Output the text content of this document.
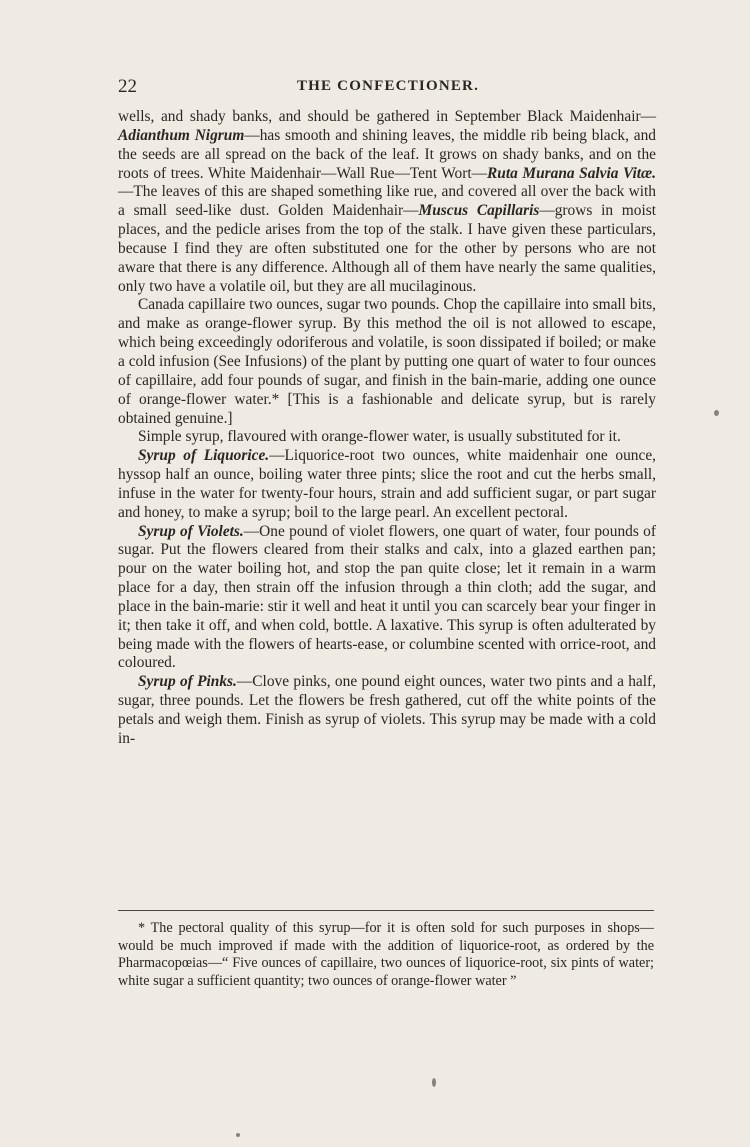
22	THE CONFECTIONER.

wells, and shady banks, and should be gathered in September Black Maidenhair—Adianthum Nigrum—has smooth and shining leaves, the middle rib being black, and the seeds are all spread on the back of the leaf. It grows on shady banks, and on the roots of trees. White Maidenhair—Wall Rue—Tent Wort—Ruta Murana Salvia Vitæ.—The leaves of this are shaped something like rue, and covered all over the back with a small seed-like dust. Golden Maidenhair—Muscus Capillaris—grows in moist places, and the pedicle arises from the top of the stalk. I have given these particulars, because I find they are often substituted one for the other by persons who are not aware that there is any difference. Although all of them have nearly the same qualities, only two have a volatile oil, but they are all mucilaginous.

Canada capillaire two ounces, sugar two pounds. Chop the capillaire into small bits, and make as orange-flower syrup. By this method the oil is not allowed to escape, which being exceedingly odoriferous and volatile, is soon dissipated if boiled; or make a cold infusion (See Infusions) of the plant by putting one quart of water to four ounces of capillaire, add four pounds of sugar, and finish in the bain-marie, adding one ounce of orange-flower water.* [This is a fashionable and delicate syrup, but is rarely obtained genuine.]

Simple syrup, flavoured with orange-flower water, is usually substituted for it.

Syrup of Liquorice.—Liquorice-root two ounces, white maidenhair one ounce, hyssop half an ounce, boiling water three pints; slice the root and cut the herbs small, infuse in the water for twenty-four hours, strain and add sufficient sugar, or part sugar and honey, to make a syrup; boil to the large pearl. An excellent pectoral.

Syrup of Violets.—One pound of violet flowers, one quart of water, four pounds of sugar. Put the flowers cleared from their stalks and calx, into a glazed earthen pan; pour on the water boiling hot, and stop the pan quite close; let it remain in a warm place for a day, then strain off the infusion through a thin cloth; add the sugar, and place in the bain-marie: stir it well and heat it until you can scarcely bear your finger in it; then take it off, and when cold, bottle. A laxative. This syrup is often adulterated by being made with the flowers of hearts-ease, or columbine scented with orrice-root, and coloured.

Syrup of Pinks.—Clove pinks, one pound eight ounces, water two pints and a half, sugar, three pounds. Let the flowers be fresh gathered, cut off the white points of the petals and weigh them. Finish as syrup of violets. This syrup may be made with a cold in-

* The pectoral quality of this syrup—for it is often sold for such purposes in shops—would be much improved if made with the addition of liquorice-root, as ordered by the Pharmacopœias—“ Five ounces of capillaire, two ounces of liquorice-root, six pints of water; white sugar a sufficient quantity; two ounces of orange-flower water ”
